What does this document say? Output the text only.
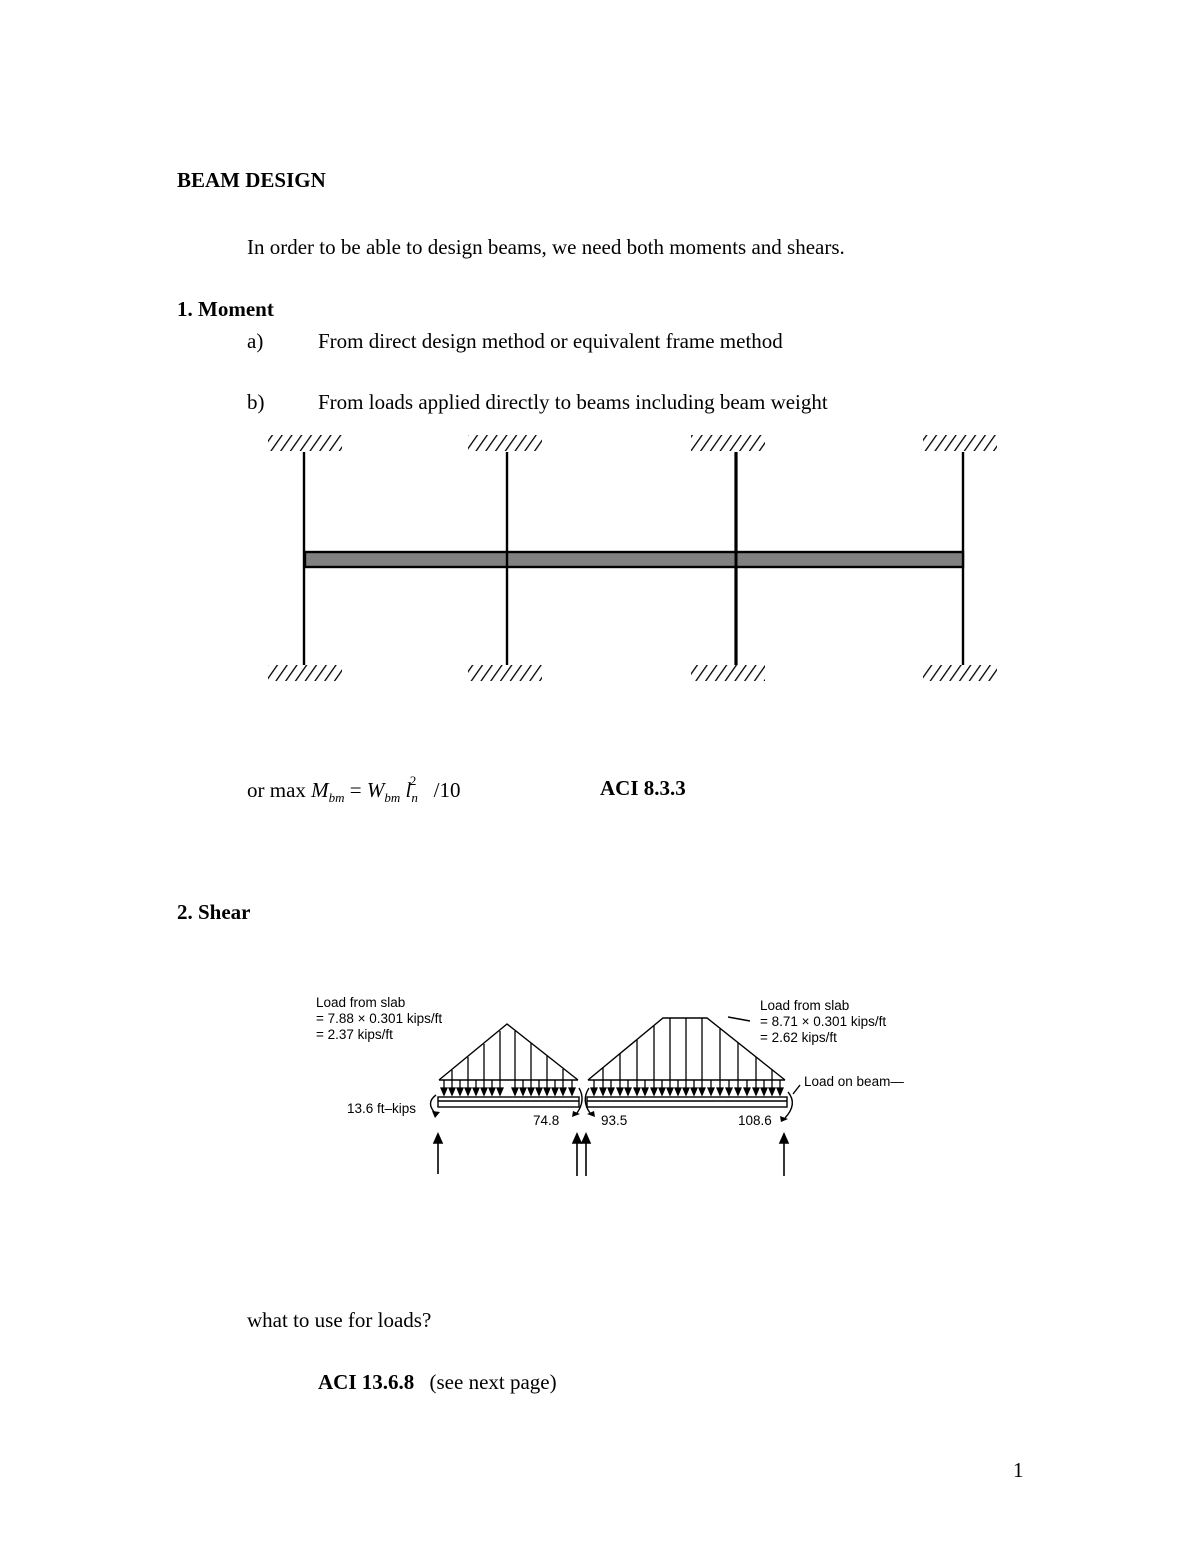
BEAM DESIGN
In order to be able to design beams, we need both moments and shears.
1. Moment
a)	From direct design method or equivalent frame method
b)	From loads applied directly to beams including beam weight
or $\max M_{bm} = W_{bm}$ $l_n^2$ /10	ACI 8.3.3
2. Shear
Load from slab
= 7.88 × 0.301 kips/ft
= 2.37 kips/ft
Load from slab
= 8.71 × 0.301 kips/ft
= 2.62 kips/ft
Load on beam—
13.6 ft–kips
74.8	93.5	108.6
what to use for loads?
ACI 13.6.8 (see next page)
1
